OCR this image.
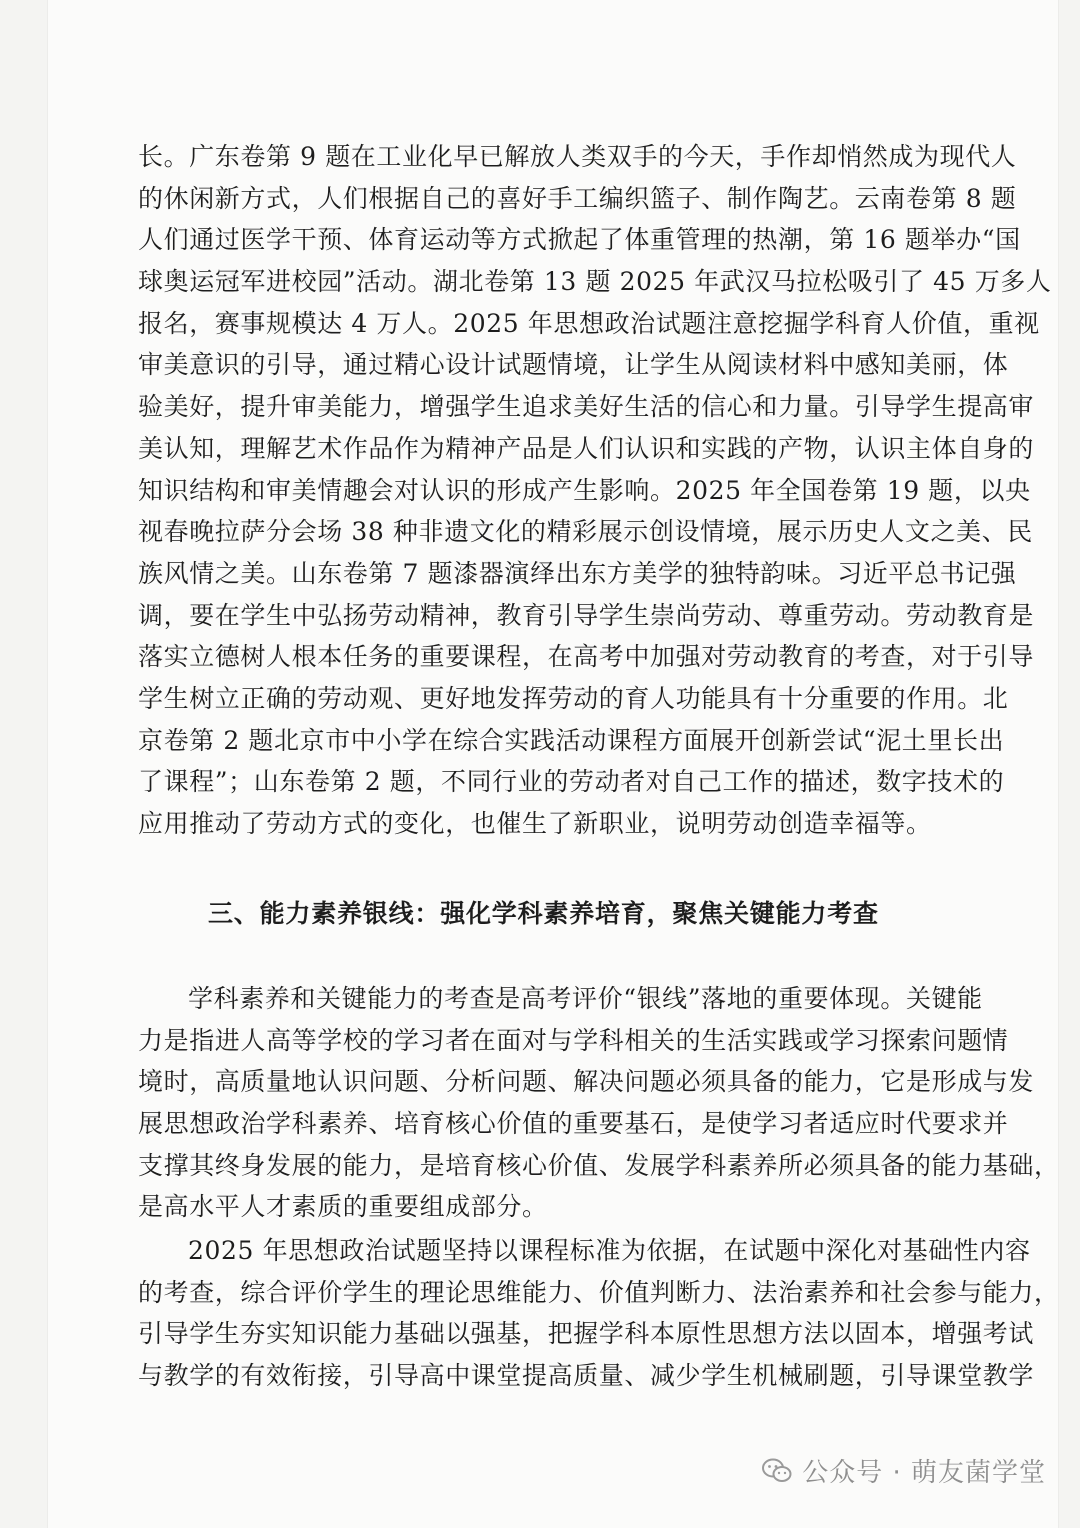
长。广东卷第 9 题在工业化早已解放人类双手的今天，手作却悄然成为现代人
的休闲新方式，人们根据自己的喜好手工编织篮子、制作陶艺。云南卷第 8 题
人们通过医学干预、体育运动等方式掀起了体重管理的热潮，第 16 题举办“国
球奥运冠军进校园”活动。湖北卷第 13 题 2025 年武汉马拉松吸引了 45 万多人
报名，赛事规模达 4 万人。2025 年思想政治试题注意挖掘学科育人价值，重视
审美意识的引导，通过精心设计试题情境，让学生从阅读材料中感知美丽，体
验美好，提升审美能力，增强学生追求美好生活的信心和力量。引导学生提高审
美认知，理解艺术作品作为精神产品是人们认识和实践的产物，认识主体自身的
知识结构和审美情趣会对认识的形成产生影响。2025 年全国卷第 19 题，以央
视春晚拉萨分会场 38 种非遗文化的精彩展示创设情境，展示历史人文之美、民
族风情之美。山东卷第 7 题漆器演绎出东方美学的独特韵味。习近平总书记强
调，要在学生中弘扬劳动精神，教育引导学生崇尚劳动、尊重劳动。劳动教育是
落实立德树人根本任务的重要课程，在高考中加强对劳动教育的考查，对于引导
学生树立正确的劳动观、更好地发挥劳动的育人功能具有十分重要的作用。北
京卷第 2 题北京市中小学在综合实践活动课程方面展开创新尝试“泥土里长出
了课程”；山东卷第 2 题，不同行业的劳动者对自己工作的描述，数字技术的
应用推动了劳动方式的变化，也催生了新职业，说明劳动创造幸福等。
三、能力素养银线：强化学科素养培育，聚焦关键能力考查
学科素养和关键能力的考查是高考评价“银线”落地的重要体现。关键能
力是指进人高等学校的学习者在面对与学科相关的生活实践或学习探索问题情
境时，高质量地认识问题、分析问题、解决问题必须具备的能力，它是形成与发
展思想政治学科素养、培育核心价值的重要基石，是使学习者适应时代要求并
支撑其终身发展的能力，是培育核心价值、发展学科素养所必须具备的能力基础，
是高水平人才素质的重要组成部分。
2025 年思想政治试题坚持以课程标准为依据，在试题中深化对基础性内容
的考查，综合评价学生的理论思维能力、价值判断力、法治素养和社会参与能力，
引导学生夯实知识能力基础以强基，把握学科本原性思想方法以固本，增强考试
与教学的有效衔接，引导高中课堂提高质量、减少学生机械刷题，引导课堂教学
公众号 · 萌友菌学堂
